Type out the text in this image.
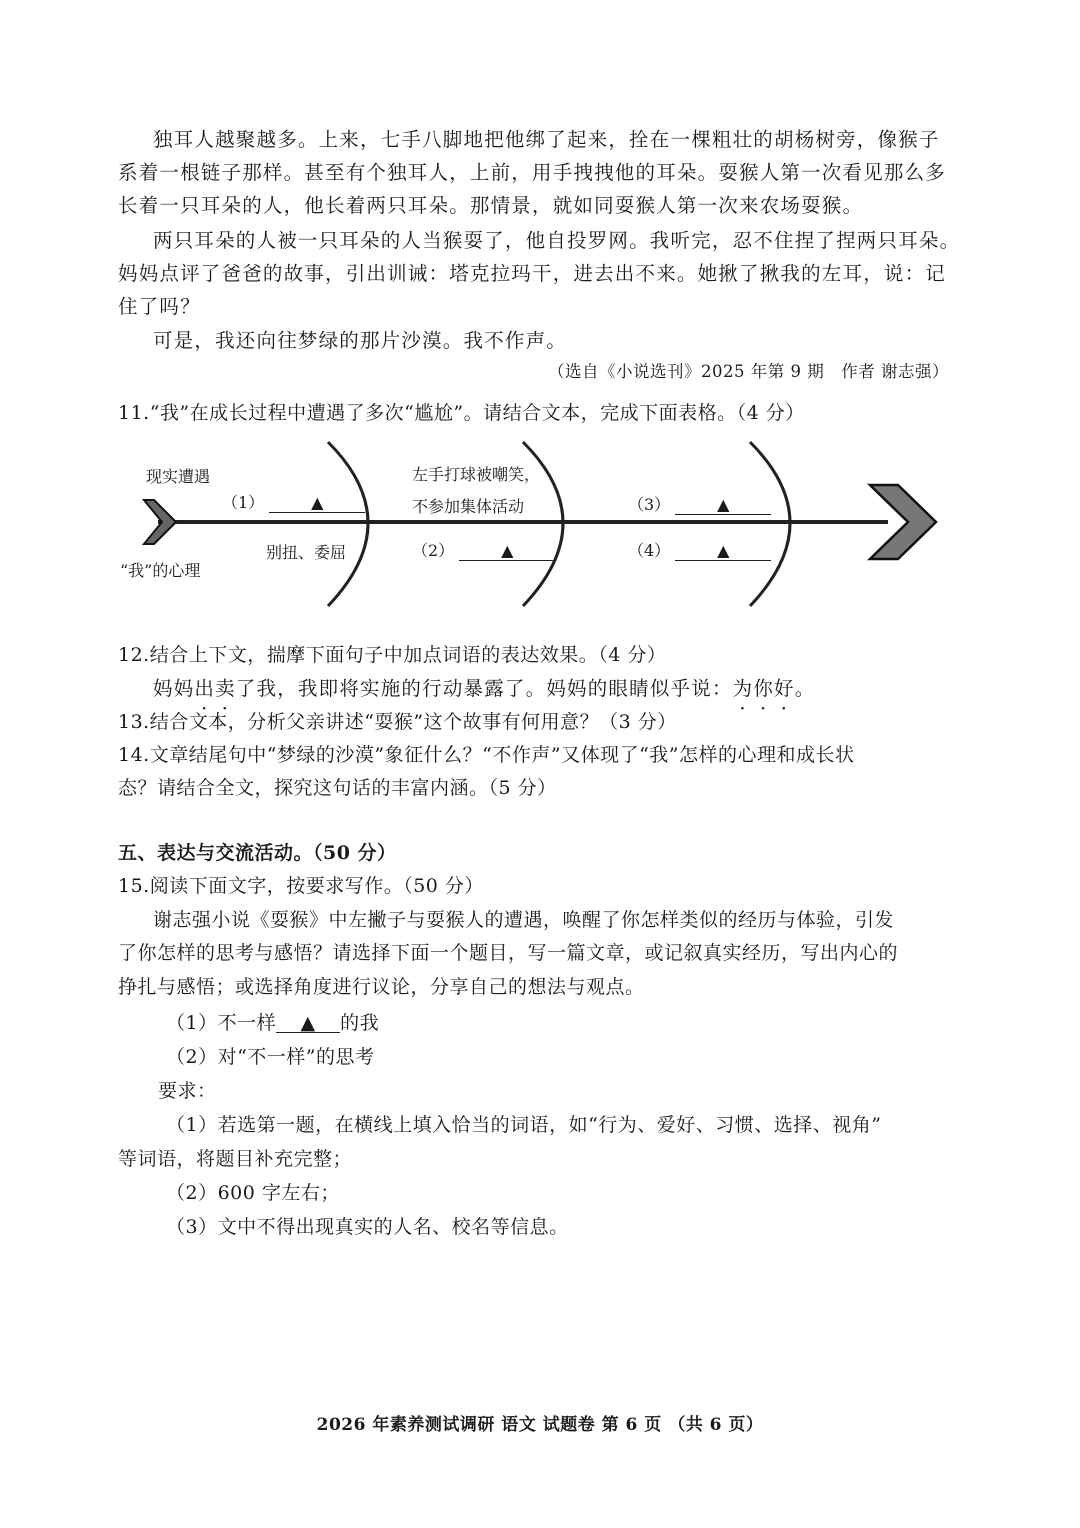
独耳人越聚越多。上来，七手八脚地把他绑了起来，拴在一棵粗壮的胡杨树旁，像猴子
系着一根链子那样。甚至有个独耳人，上前，用手拽拽他的耳朵。耍猴人第一次看见那么多
长着一只耳朵的人，他长着两只耳朵。那情景，就如同耍猴人第一次来农场耍猴。
两只耳朵的人被一只耳朵的人当猴耍了，他自投罗网。我听完，忍不住捏了捏两只耳朵。
妈妈点评了爸爸的故事，引出训诫：塔克拉玛干，进去出不来。她揪了揪我的左耳，说：记
住了吗？
可是，我还向往梦绿的那片沙漠。我不作声。
（选自《小说选刊》2025 年第 9 期　作者 谢志强）
11.“我”在成长过程中遭遇了多次“尴尬”。请结合文本，完成下面表格。（4 分）
现实遭遇
“我”的心理
（1）	▲
别扭、委屈
左手打球被嘲笑，
不参加集体活动
（2）	▲
（3）	▲
（4）	▲
12.结合上下文，揣摩下面句子中加点词语的表达效果。（4 分）
妈妈出卖了我，我即将实施的行动暴露了。妈妈的眼睛似乎说：为你好。
13.结合文本，分析父亲讲述“耍猴”这个故事有何用意？（3 分）
14.文章结尾句中“梦绿的沙漠”象征什么？“不作声”又体现了“我”怎样的心理和成长状
态？请结合全文，探究这句话的丰富内涵。（5 分）
五、表达与交流活动。（50 分）
15.阅读下面文字，按要求写作。（50 分）
谢志强小说《耍猴》中左撇子与耍猴人的遭遇，唤醒了你怎样类似的经历与体验，引发
了你怎样的思考与感悟？请选择下面一个题目，写一篇文章，或记叙真实经历，写出内心的
挣扎与感悟；或选择角度进行议论，分享自己的想法与观点。
（1）不一样 ▲ 的我
（2）对“不一样”的思考
要求：
（1）若选第一题，在横线上填入恰当的词语，如“行为、爱好、习惯、选择、视角”
等词语，将题目补充完整；
（2）600 字左右；
（3）文中不得出现真实的人名、校名等信息。
2026 年素养测试调研 语文 试题卷 第 6 页 （共 6 页）
